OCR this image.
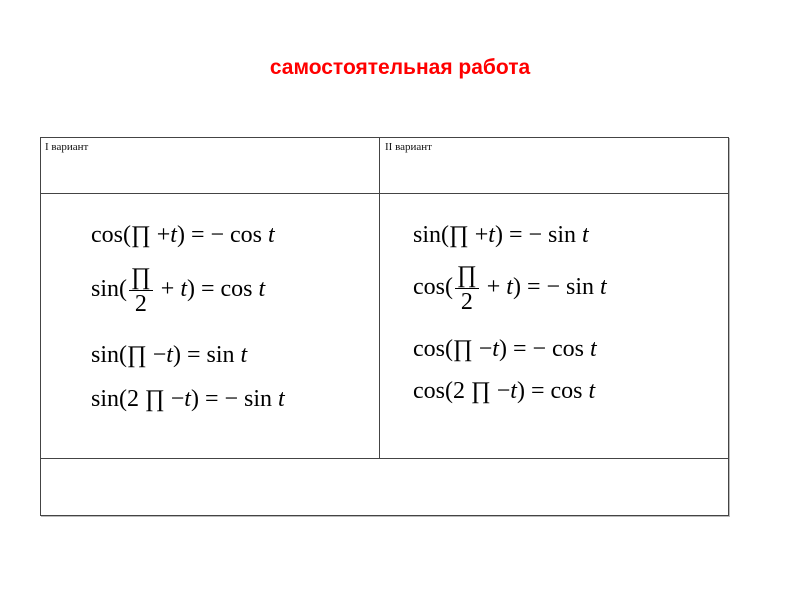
самостоятельная работа
I вариант	II вариант
cos(∏ +t) = − cos t
$\sin( \frac{\prod}{2} + t) = \cos t$
sin(∏ −t) = sin t
sin(2 ∏ −t) = − sin t
sin(∏ +t) = − sin t
$\cos( \frac{\prod}{2} + t)$ = − sin t
cos(∏ −t) = − cos t
cos(2 ∏ −t) = cos t
